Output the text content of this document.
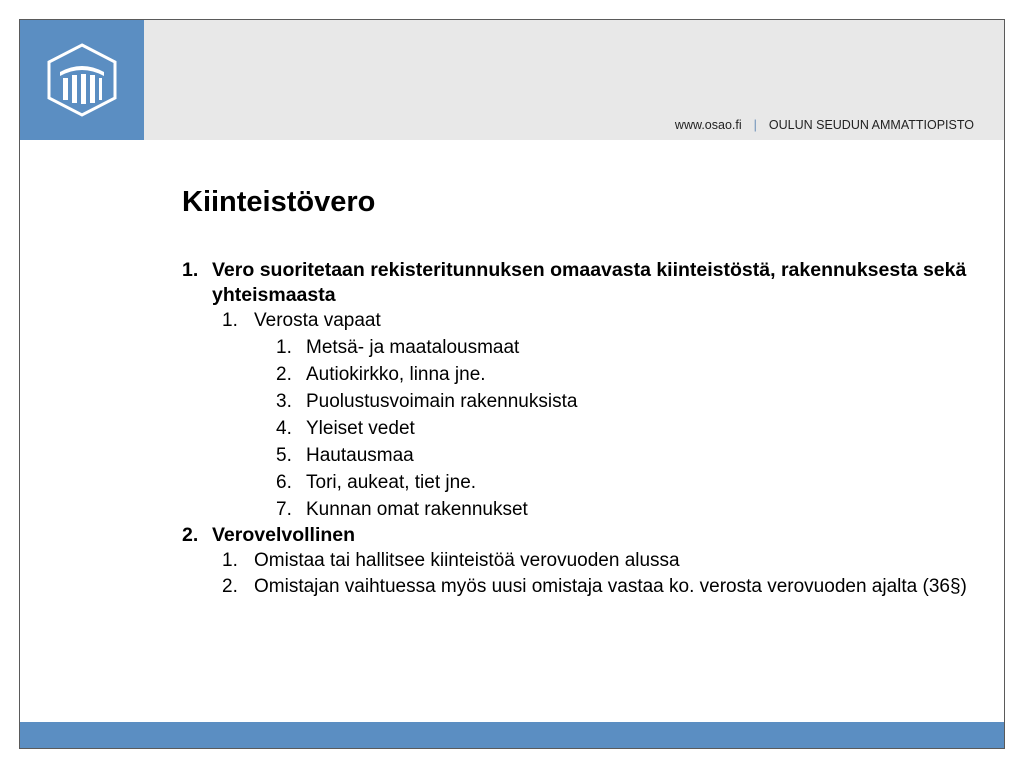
www.osao.fi | OULUN SEUDUN AMMATTIOPISTO
Kiinteistövero
1. Vero suoritetaan rekisteritunnuksen omaavasta kiinteistöstä, rakennuksesta sekä yhteismaasta
1. Verosta vapaat
1. Metsä- ja maatalousmaat
2. Autiokirkko, linna jne.
3. Puolustusvoimain rakennuksista
4. Yleiset vedet
5. Hautausmaa
6. Tori, aukeat, tiet jne.
7. Kunnan omat rakennukset
2. Verovelvollinen
1. Omistaa tai hallitsee kiinteistöä verovuoden alussa
2. Omistajan vaihtuessa myös uusi omistaja vastaa ko. verosta verovuoden ajalta (36§)
